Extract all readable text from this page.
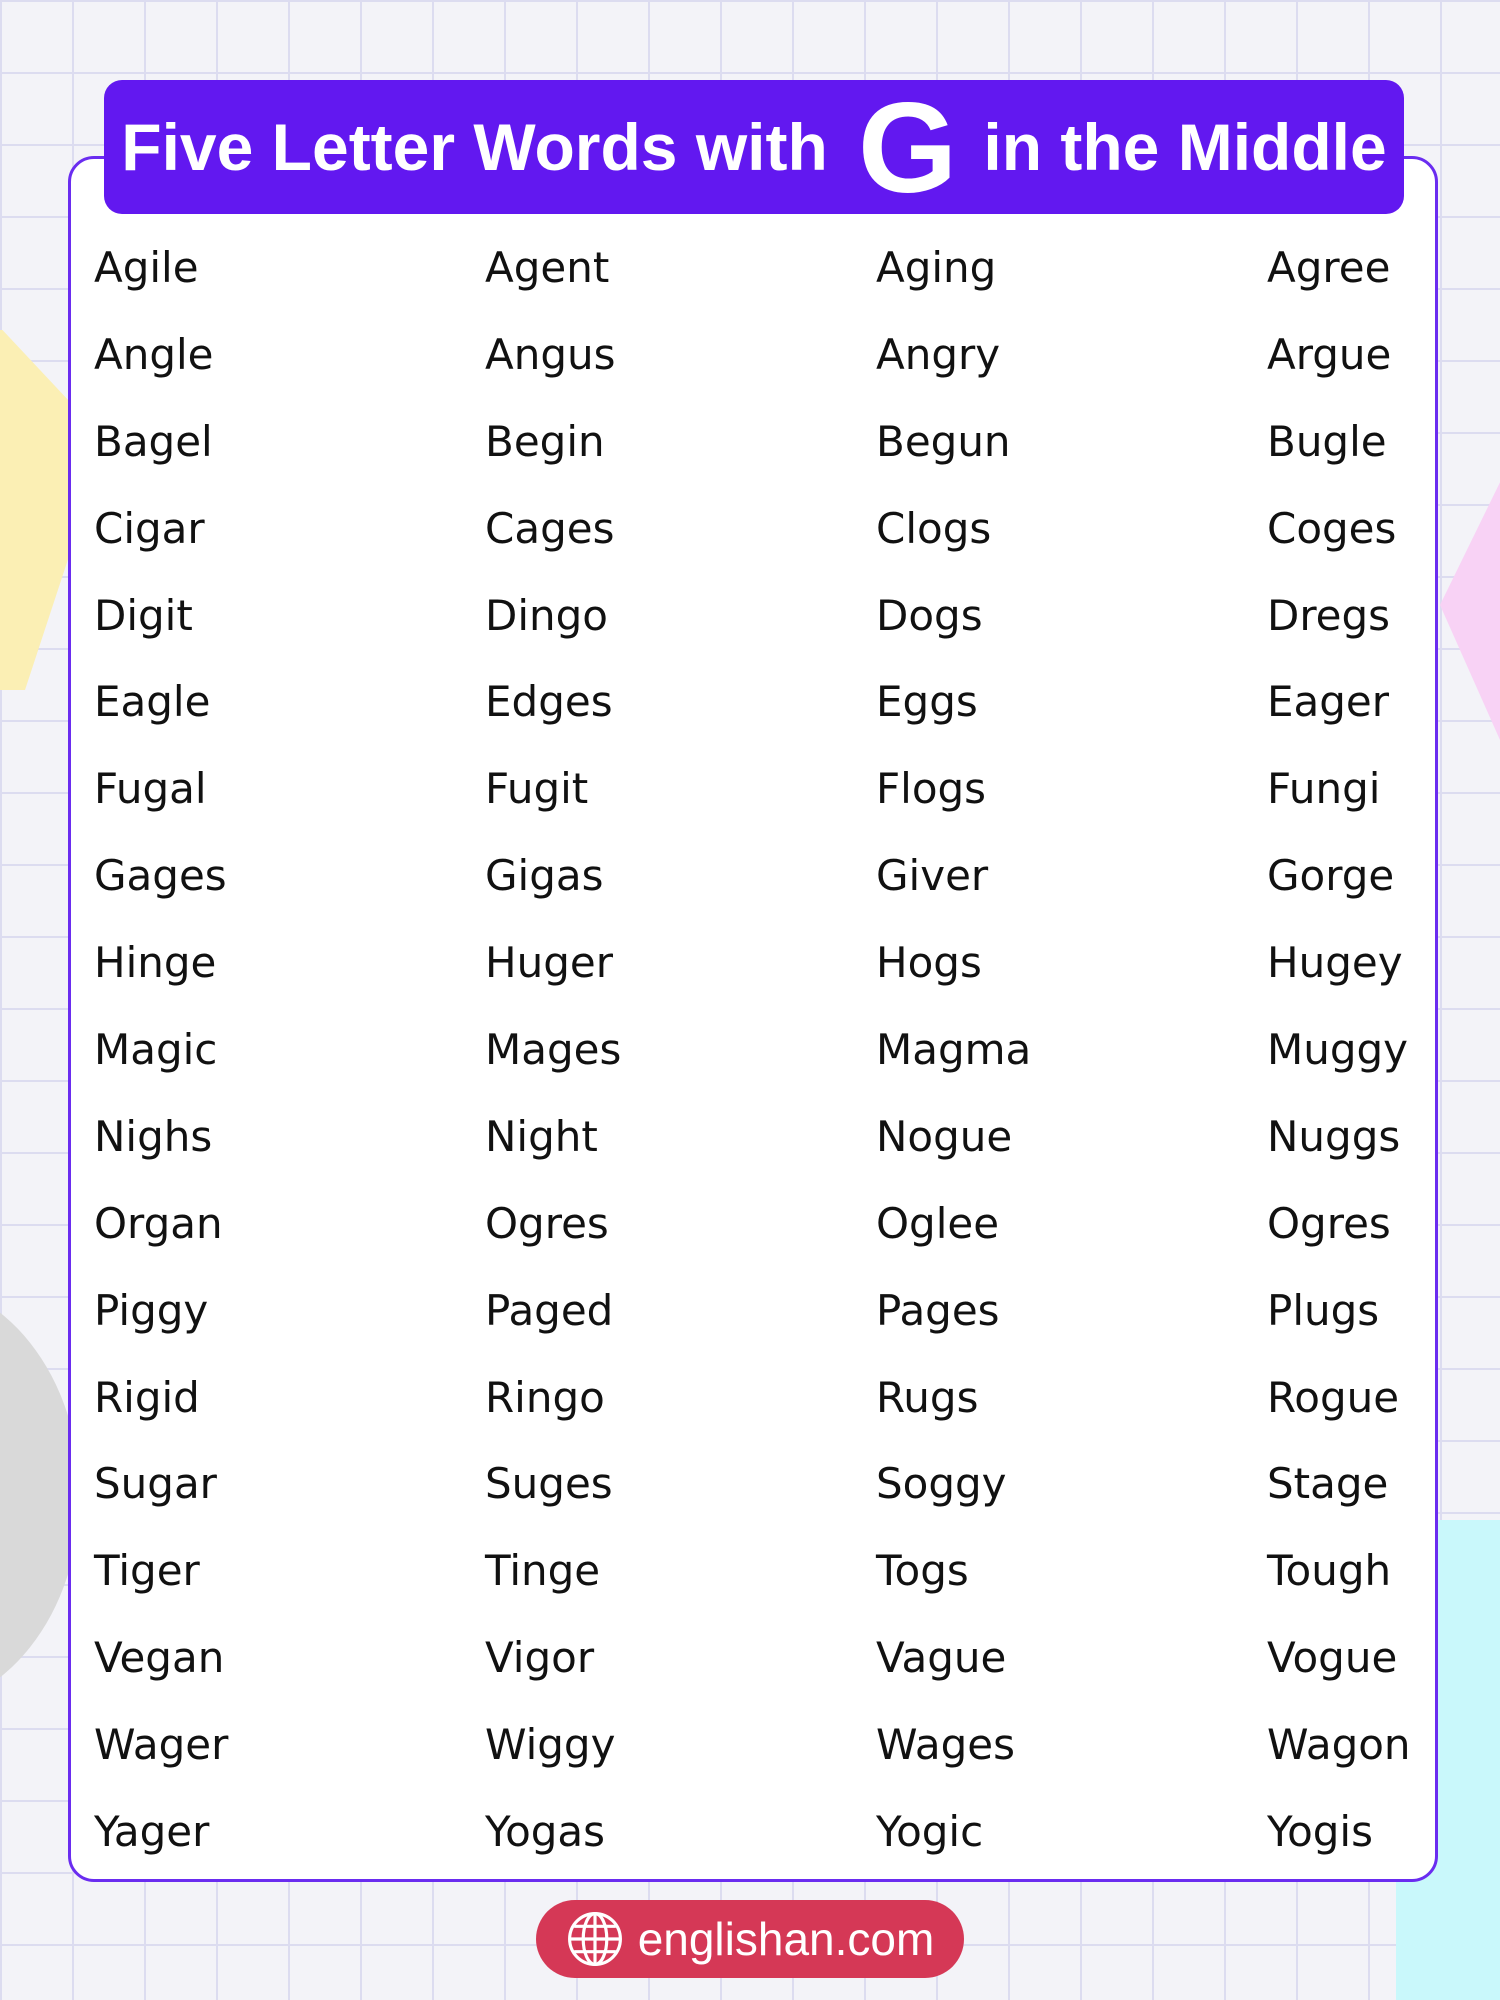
Five Letter Words with G in the Middle
Agile	Agent	Aging	Agree
Angle	Angus	Angry	Argue
Bagel	Begin	Begun	Bugle
Cigar	Cages	Clogs	Coges
Digit	Dingo	Dogs	Dregs
Eagle	Edges	Eggs	Eager
Fugal	Fugit	Flogs	Fungi
Gages	Gigas	Giver	Gorge
Hinge	Huger	Hogs	Hugey
Magic	Mages	Magma	Muggy
Nighs	Night	Nogue	Nuggs
Organ	Ogres	Oglee	Ogres
Piggy	Paged	Pages	Plugs
Rigid	Ringo	Rugs	Rogue
Sugar	Suges	Soggy	Stage
Tiger	Tinge	Togs	Tough
Vegan	Vigor	Vague	Vogue
Wager	Wiggy	Wages	Wagon
Yager	Yogas	Yogic	Yogis
englishan.com
